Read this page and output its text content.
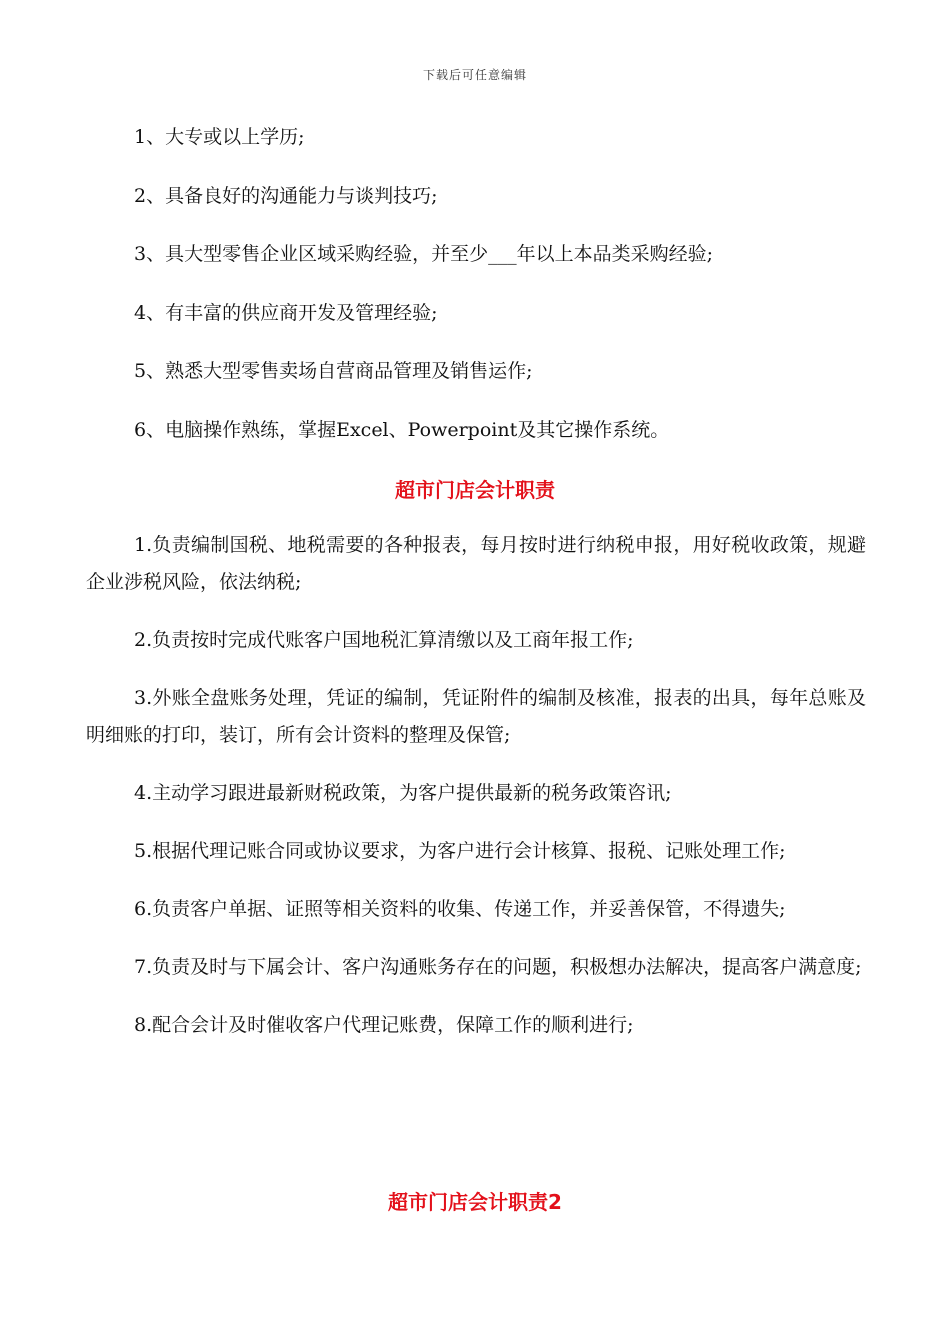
下载后可任意编辑
1、大专或以上学历;
2、具备良好的沟通能力与谈判技巧;
3、具大型零售企业区域采购经验，并至少___年以上本品类采购经验;
4、有丰富的供应商开发及管理经验;
5、熟悉大型零售卖场自营商品管理及销售运作;
6、电脑操作熟练，掌握Excel、Powerpoint及其它操作系统。
超市门店会计职责

1.负责编制国税、地税需要的各种报表，每月按时进行纳税申报，用好税收政策，规避企业涉税风险，依法纳税;

2.负责按时完成代账客户国地税汇算清缴以及工商年报工作;

3.外账全盘账务处理，凭证的编制，凭证附件的编制及核准，报表的出具，每年总账及明细账的打印，装订，所有会计资料的整理及保管;

4.主动学习跟进最新财税政策，为客户提供最新的税务政策咨讯;

5.根据代理记账合同或协议要求，为客户进行会计核算、报税、记账处理工作;

6.负责客户单据、证照等相关资料的收集、传递工作，并妥善保管，不得遗失;

7.负责及时与下属会计、客户沟通账务存在的问题，积极想办法解决，提高客户满意度;

8.配合会计及时催收客户代理记账费，保障工作的顺利进行;

超市门店会计职责2
